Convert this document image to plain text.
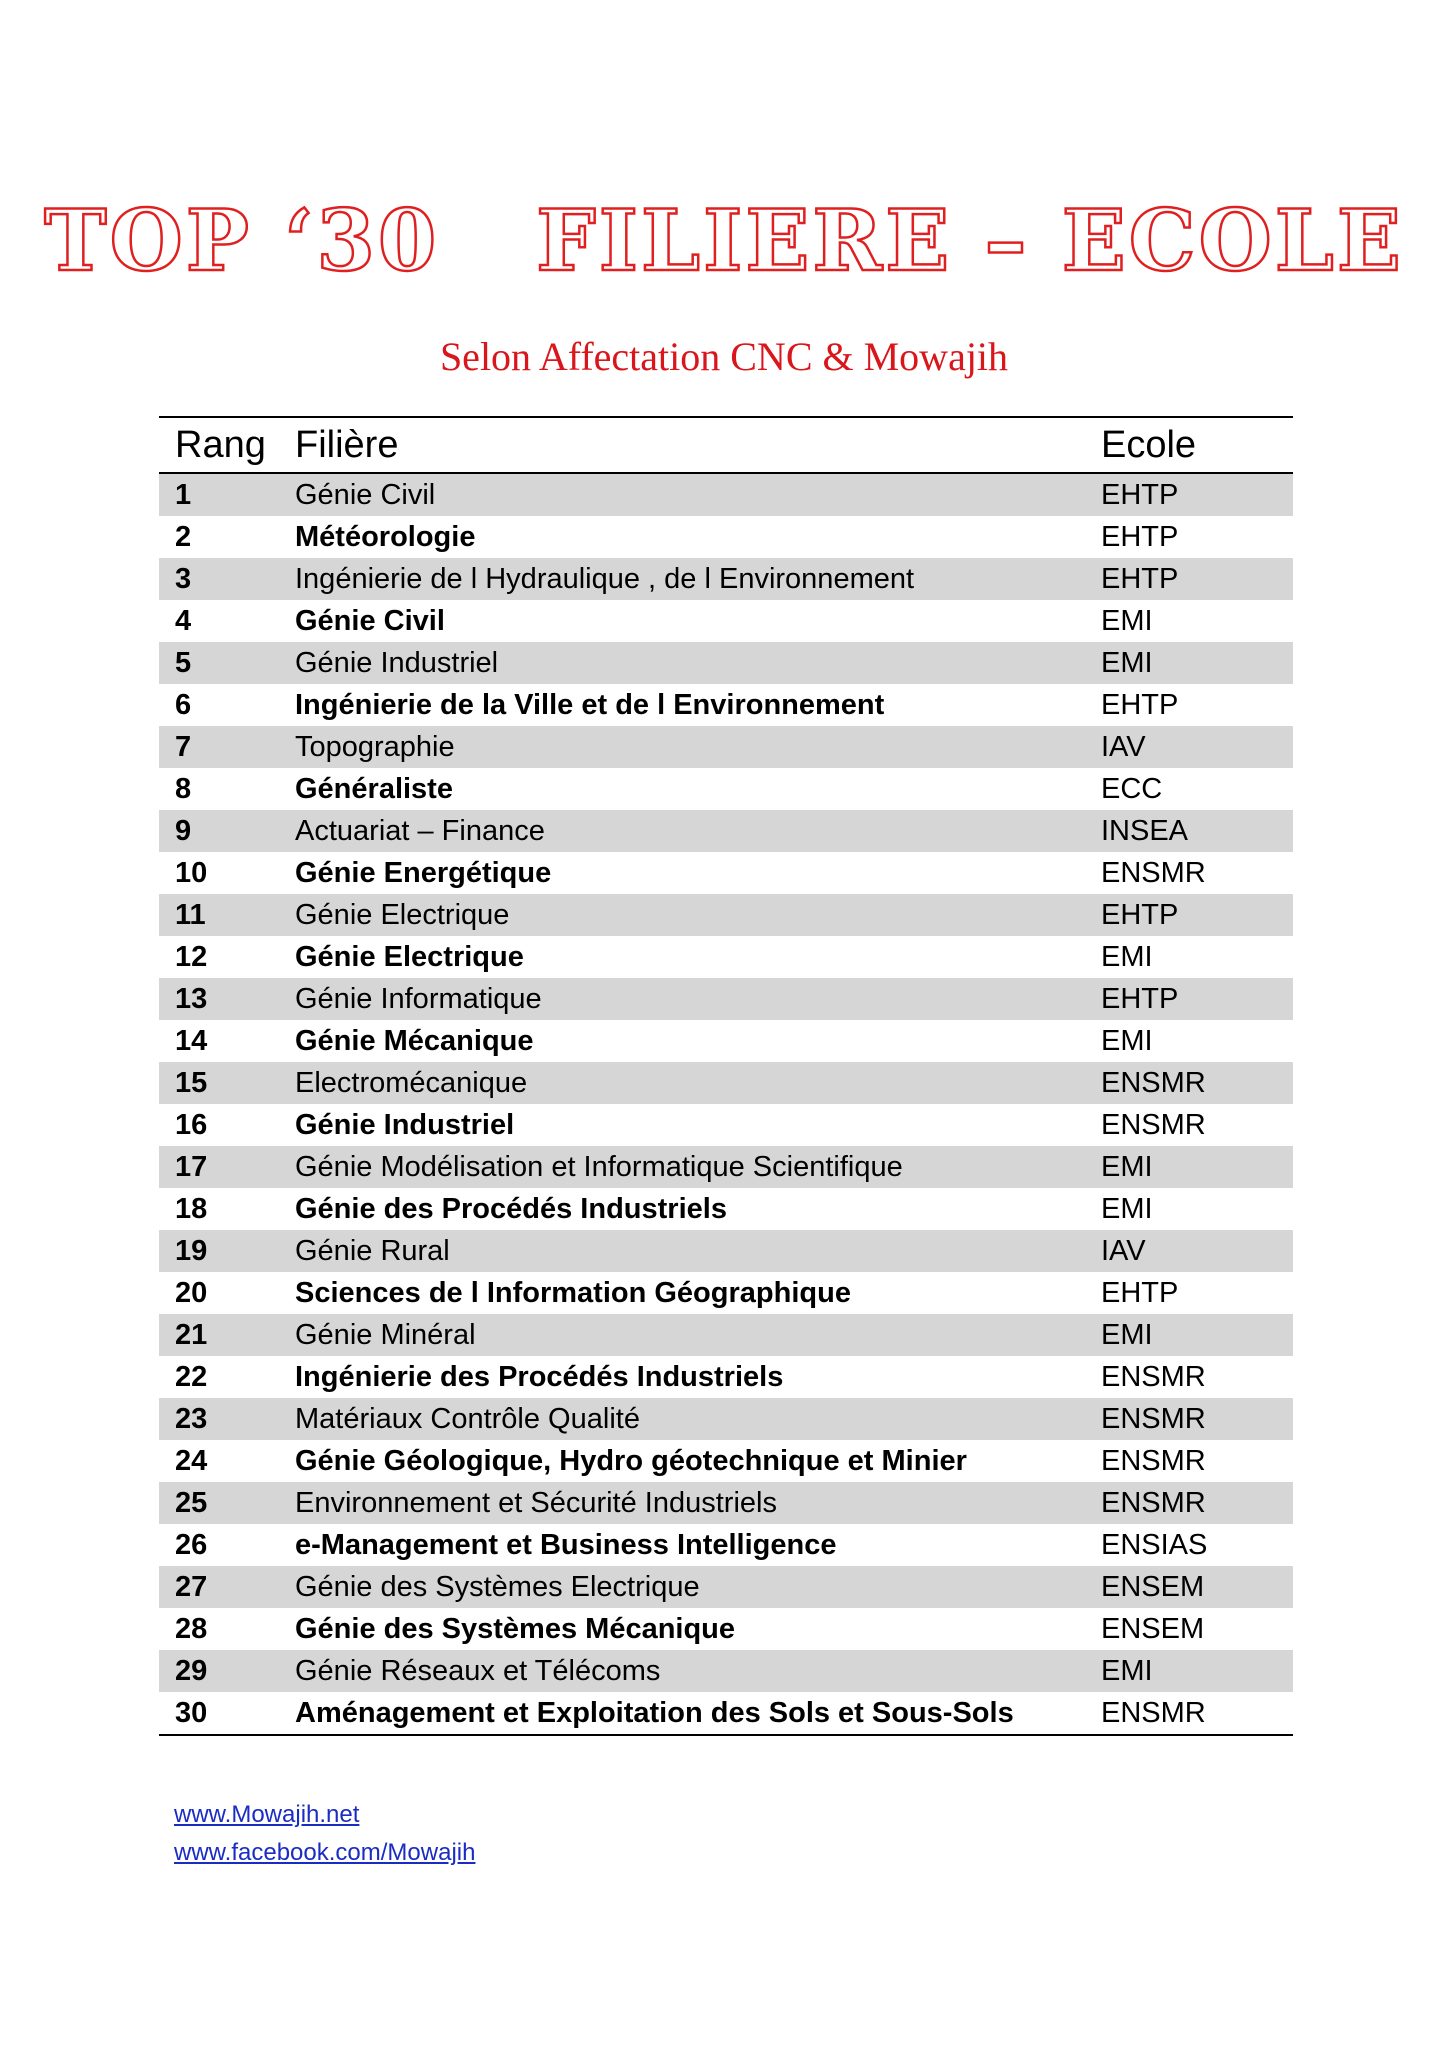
TOP ‘30   FILIERE – ECOLE
Selon Affectation CNC & Mowajih
Rang Filière	Ecole
1	Génie Civil	EHTP
2	Météorologie	EHTP
3	Ingénierie de l Hydraulique , de l Environnement	EHTP
4	Génie Civil	EMI
5	Génie Industriel	EMI
6	Ingénierie de la Ville et de l Environnement	EHTP
7	Topographie	IAV
8	Généraliste	ECC
9	Actuariat – Finance	INSEA
10	Génie Energétique	ENSMR
11	Génie Electrique	EHTP
12	Génie Electrique	EMI
13	Génie Informatique	EHTP
14	Génie Mécanique	EMI
15	Electromécanique	ENSMR
16	Génie Industriel	ENSMR
17	Génie Modélisation et Informatique Scientifique	EMI
18	Génie des Procédés Industriels	EMI
19	Génie Rural	IAV
20	Sciences de l Information Géographique	EHTP
21	Génie Minéral	EMI
22	Ingénierie des Procédés Industriels	ENSMR
23	Matériaux Contrôle Qualité	ENSMR
24	Génie Géologique, Hydro géotechnique et Minier	ENSMR
25	Environnement et Sécurité Industriels	ENSMR
26	e-Management et Business Intelligence	ENSIAS
27	Génie des Systèmes Electrique	ENSEM
28	Génie des Systèmes Mécanique	ENSEM
29	Génie Réseaux et Télécoms	EMI
30	Aménagement et Exploitation des Sols et Sous-Sols	ENSMR
www.Mowajih.net
www.facebook.com/Mowajih
